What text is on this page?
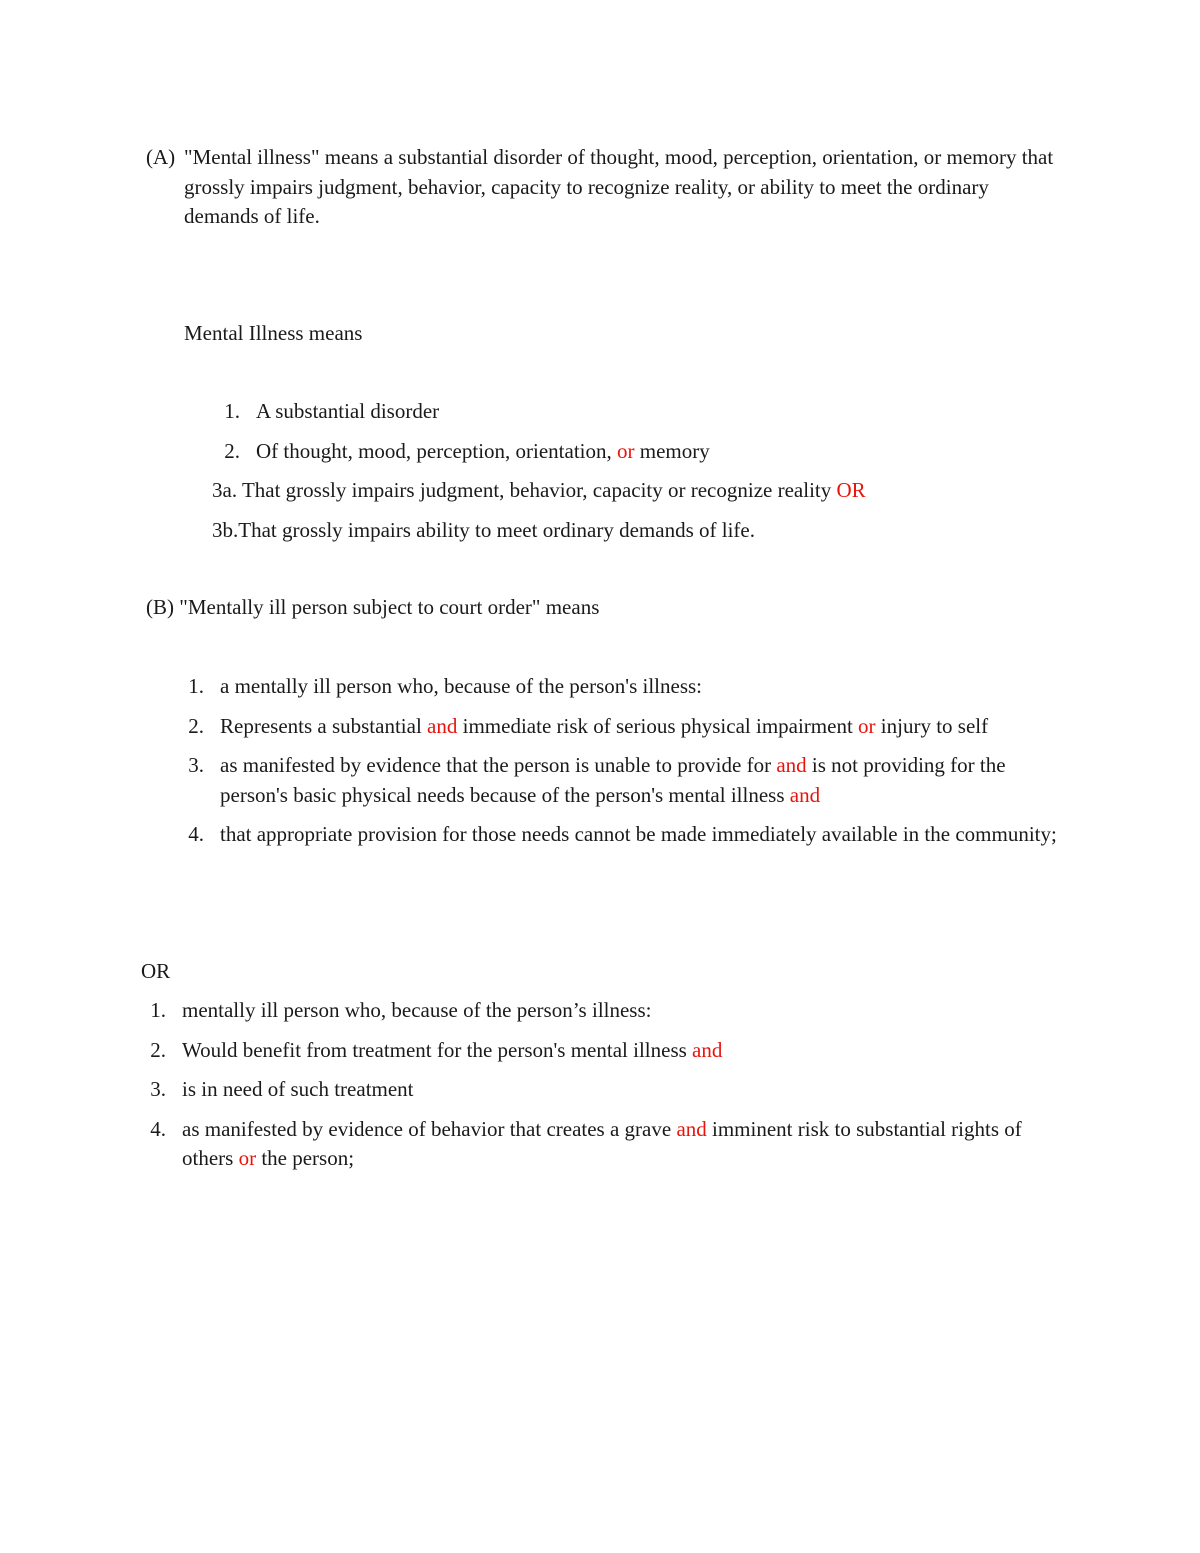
(A) "Mental illness" means a substantial disorder of thought, mood, perception, orientation, or memory that grossly impairs judgment, behavior, capacity to recognize reality, or ability to meet the ordinary demands of life.
Mental Illness means
1. A substantial disorder
2. Of thought, mood, perception, orientation, or memory
3a. That grossly impairs judgment, behavior, capacity or recognize reality OR
3b.That grossly impairs ability to meet ordinary demands of life.
(B) "Mentally ill person subject to court order" means
1. a mentally ill person who, because of the person's illness:
2. Represents a substantial and immediate risk of serious physical impairment or injury to self
3. as manifested by evidence that the person is unable to provide for and is not providing for the person's basic physical needs because of the person's mental illness and
4. that appropriate provision for those needs cannot be made immediately available in the community;
OR
1. mentally ill person who, because of the person’s illness:
2. Would benefit from treatment for the person's mental illness and
3. is in need of such treatment
4. as manifested by evidence of behavior that creates a grave and imminent risk to substantial rights of others or the person;
